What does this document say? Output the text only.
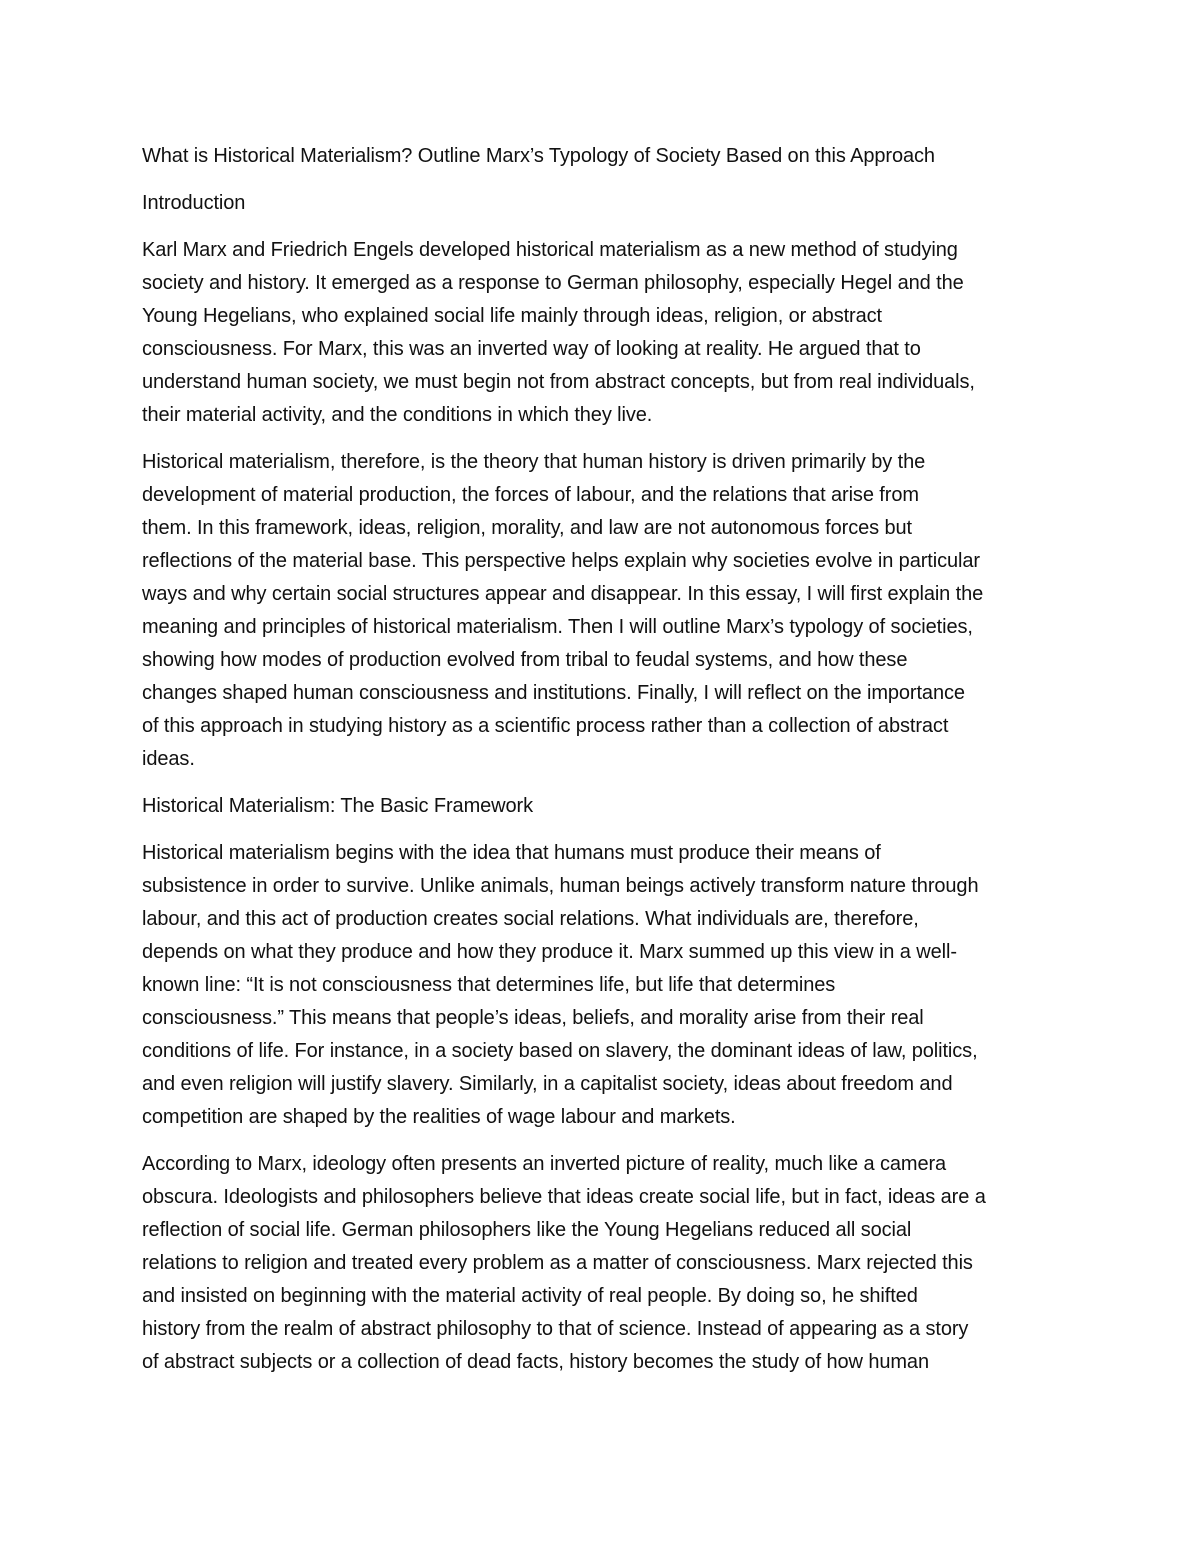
What is Historical Materialism? Outline Marx’s Typology of Society Based on this Approach
Introduction
Karl Marx and Friedrich Engels developed historical materialism as a new method of studying
society and history. It emerged as a response to German philosophy, especially Hegel and the
Young Hegelians, who explained social life mainly through ideas, religion, or abstract
consciousness. For Marx, this was an inverted way of looking at reality. He argued that to
understand human society, we must begin not from abstract concepts, but from real individuals,
their material activity, and the conditions in which they live.
Historical materialism, therefore, is the theory that human history is driven primarily by the
development of material production, the forces of labour, and the relations that arise from
them. In this framework, ideas, religion, morality, and law are not autonomous forces but
reflections of the material base. This perspective helps explain why societies evolve in particular
ways and why certain social structures appear and disappear. In this essay, I will first explain the
meaning and principles of historical materialism. Then I will outline Marx’s typology of societies,
showing how modes of production evolved from tribal to feudal systems, and how these
changes shaped human consciousness and institutions. Finally, I will reflect on the importance
of this approach in studying history as a scientific process rather than a collection of abstract
ideas.
Historical Materialism: The Basic Framework
Historical materialism begins with the idea that humans must produce their means of
subsistence in order to survive. Unlike animals, human beings actively transform nature through
labour, and this act of production creates social relations. What individuals are, therefore,
depends on what they produce and how they produce it. Marx summed up this view in a well-
known line: “It is not consciousness that determines life, but life that determines
consciousness.” This means that people’s ideas, beliefs, and morality arise from their real
conditions of life. For instance, in a society based on slavery, the dominant ideas of law, politics,
and even religion will justify slavery. Similarly, in a capitalist society, ideas about freedom and
competition are shaped by the realities of wage labour and markets.
According to Marx, ideology often presents an inverted picture of reality, much like a camera
obscura. Ideologists and philosophers believe that ideas create social life, but in fact, ideas are a
reflection of social life. German philosophers like the Young Hegelians reduced all social
relations to religion and treated every problem as a matter of consciousness. Marx rejected this
and insisted on beginning with the material activity of real people. By doing so, he shifted
history from the realm of abstract philosophy to that of science. Instead of appearing as a story
of abstract subjects or a collection of dead facts, history becomes the study of how human
